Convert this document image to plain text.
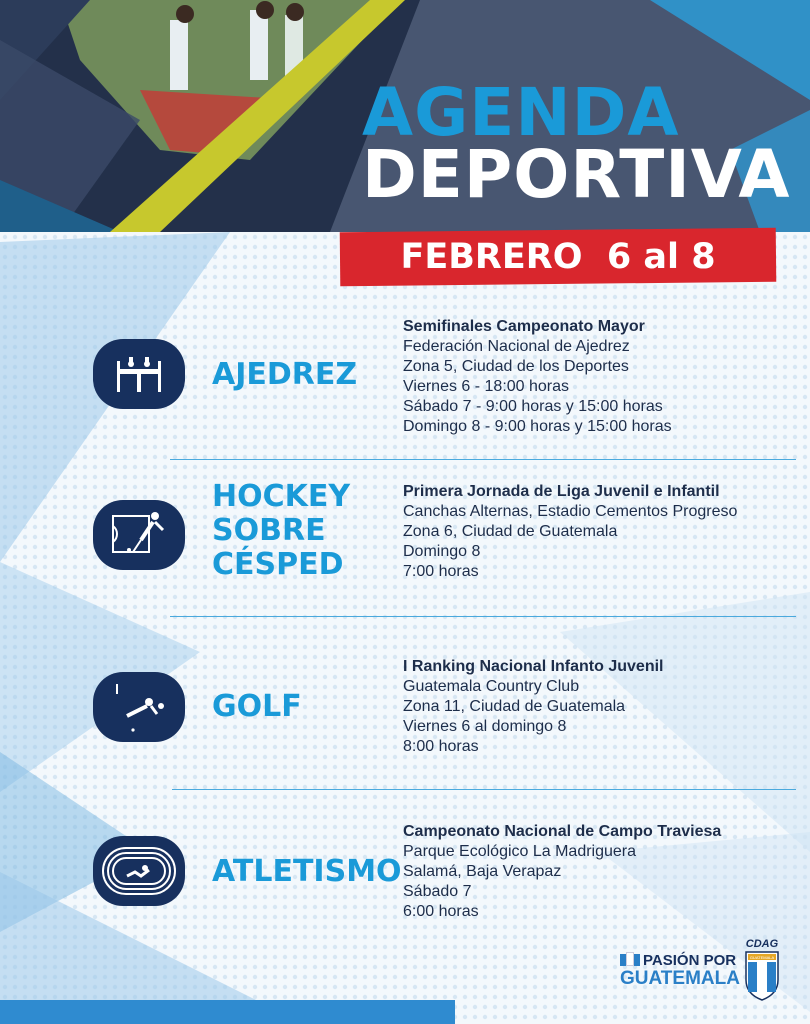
AGENDA
DEPORTIVA
FEBRERO  6 al 8
AJEDREZ
Semifinales Campeonato Mayor
Federación Nacional de Ajedrez
Zona 5, Ciudad de los Deportes
Viernes 6 - 18:00 horas
Sábado 7 - 9:00 horas y 15:00 horas
Domingo 8 - 9:00 horas y 15:00 horas
HOCKEY
SOBRE
CÉSPED
Primera Jornada de Liga Juvenil e Infantil
Canchas Alternas, Estadio Cementos Progreso
Zona 6, Ciudad de Guatemala
Domingo 8
7:00 horas
GOLF
I Ranking Nacional Infanto Juvenil
Guatemala Country Club
Zona 11, Ciudad de Guatemala
Viernes 6 al domingo 8
8:00 horas
ATLETISMO
Campeonato Nacional de Campo Traviesa
Parque Ecológico La Madriguera
Salamá, Baja Verapaz
Sábado 7
6:00 horas
PASIÓN POR
GUATEMALA
CDAG
GUATEMALA
